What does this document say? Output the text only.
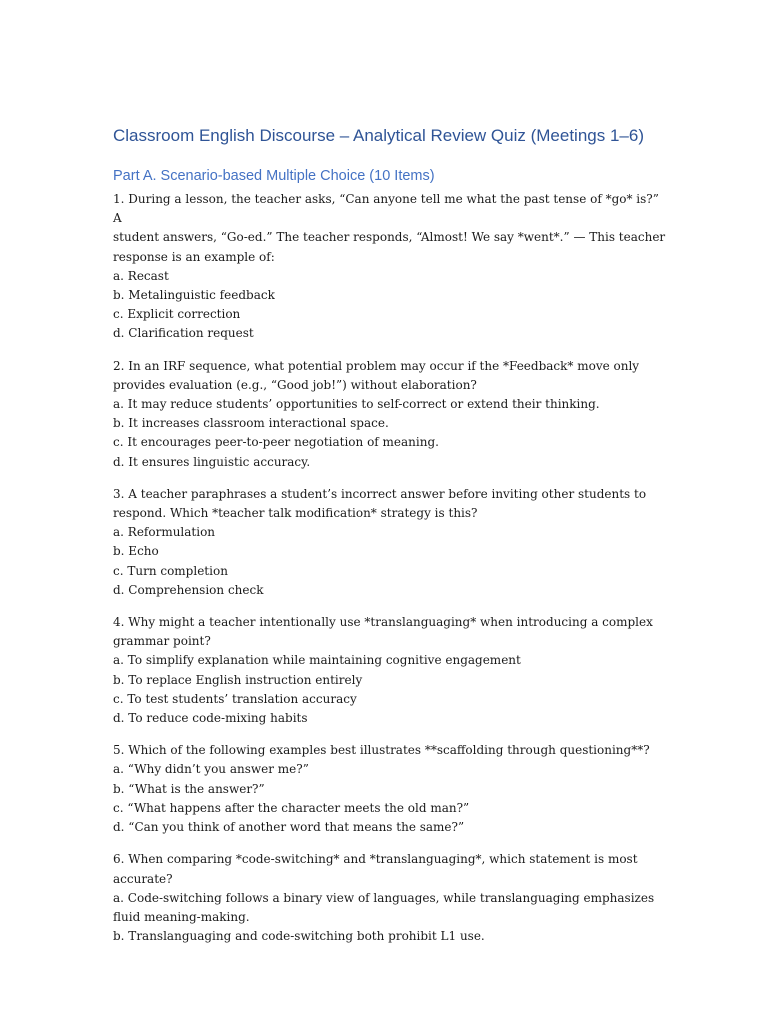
Classroom English Discourse – Analytical Review Quiz (Meetings 1–6)
Part A. Scenario-based Multiple Choice (10 Items)
1. During a lesson, the teacher asks, “Can anyone tell me what the past tense of *go* is?” A
student answers, “Go-ed.” The teacher responds, “Almost! We say *went*.” — This teacher
response is an example of:
a. Recast
b. Metalinguistic feedback
c. Explicit correction
d. Clarification request
2. In an IRF sequence, what potential problem may occur if the *Feedback* move only
provides evaluation (e.g., “Good job!”) without elaboration?
a. It may reduce students’ opportunities to self-correct or extend their thinking.
b. It increases classroom interactional space.
c. It encourages peer-to-peer negotiation of meaning.
d. It ensures linguistic accuracy.
3. A teacher paraphrases a student’s incorrect answer before inviting other students to
respond. Which *teacher talk modification* strategy is this?
a. Reformulation
b. Echo
c. Turn completion
d. Comprehension check
4. Why might a teacher intentionally use *translanguaging* when introducing a complex
grammar point?
a. To simplify explanation while maintaining cognitive engagement
b. To replace English instruction entirely
c. To test students’ translation accuracy
d. To reduce code-mixing habits
5. Which of the following examples best illustrates **scaffolding through questioning**?
a. “Why didn’t you answer me?”
b. “What is the answer?”
c. “What happens after the character meets the old man?”
d. “Can you think of another word that means the same?”
6. When comparing *code-switching* and *translanguaging*, which statement is most
accurate?
a. Code-switching follows a binary view of languages, while translanguaging emphasizes
fluid meaning-making.
b. Translanguaging and code-switching both prohibit L1 use.
